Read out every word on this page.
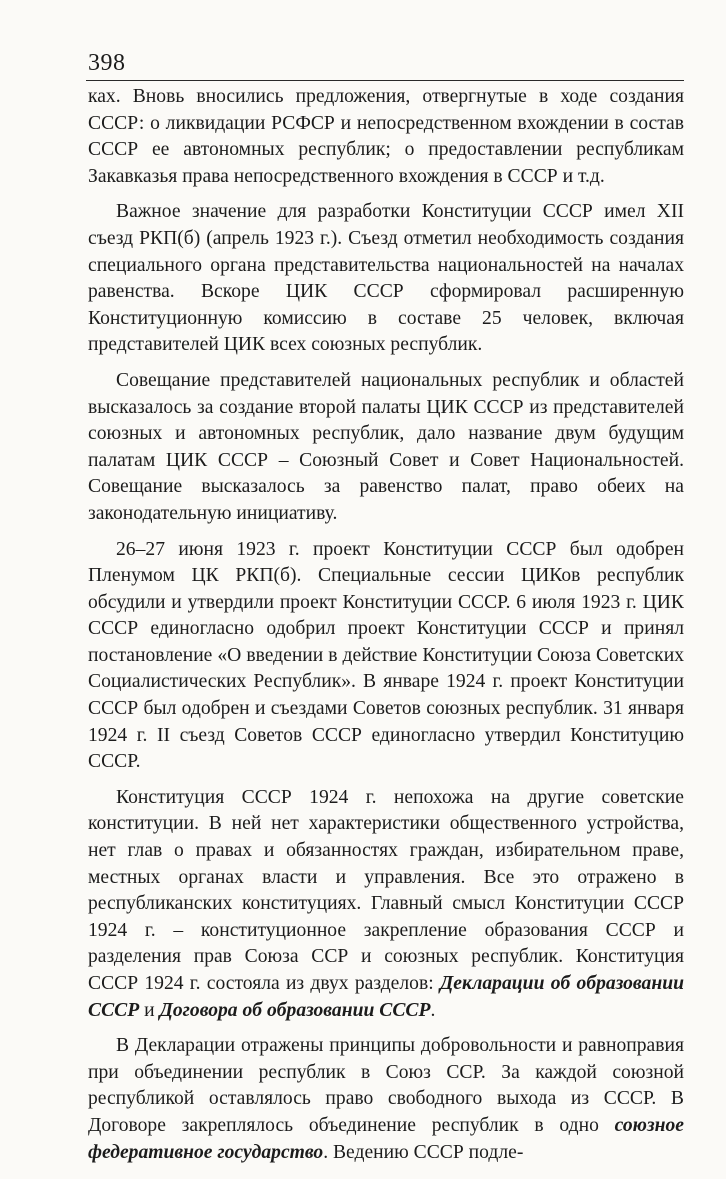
398

ках. Вновь вносились предложения, отвергнутые в ходе создания СССР: о ликвидации РСФСР и непосредственном вхождении в состав СССР ее автономных республик; о предоставлении республикам Закавказья права непосредственного вхождения в СССР и т.д.

Важное значение для разработки Конституции СССР имел XII съезд РКП(б) (апрель 1923 г.). Съезд отметил необходимость создания специального органа представительства национальностей на началах равенства. Вскоре ЦИК СССР сформировал расширенную Конституционную комиссию в составе 25 человек, включая представителей ЦИК всех союзных республик.

Совещание представителей национальных республик и областей высказалось за создание второй палаты ЦИК СССР из представителей союзных и автономных республик, дало название двум будущим палатам ЦИК СССР – Союзный Совет и Совет Национальностей. Совещание высказалось за равенство палат, право обеих на законодательную инициативу.

26–27 июня 1923 г. проект Конституции СССР был одобрен Пленумом ЦК РКП(б). Специальные сессии ЦИКов республик обсудили и утвердили проект Конституции СССР. 6 июля 1923 г. ЦИК СССР единогласно одобрил проект Конституции СССР и принял постановление «О введении в действие Конституции Союза Советских Социалистических Республик». В январе 1924 г. проект Конституции СССР был одобрен и съездами Советов союзных республик. 31 января 1924 г. II съезд Советов СССР единогласно утвердил Конституцию СССР.

Конституция СССР 1924 г. непохожа на другие советские конституции. В ней нет характеристики общественного устройства, нет глав о правах и обязанностях граждан, избирательном праве, местных органах власти и управления. Все это отражено в республиканских конституциях. Главный смысл Конституции СССР 1924 г. – конституционное закрепление образования СССР и разделения прав Союза ССР и союзных республик. Конституция СССР 1924 г. состояла из двух разделов: Декларации об образовании СССР и Договора об образовании СССР.

В Декларации отражены принципы добровольности и равноправия при объединении республик в Союз ССР. За каждой союзной республикой оставлялось право свободного выхода из СССР. В Договоре закреплялось объединение республик в одно союзное федеративное государство. Ведению СССР подле-
